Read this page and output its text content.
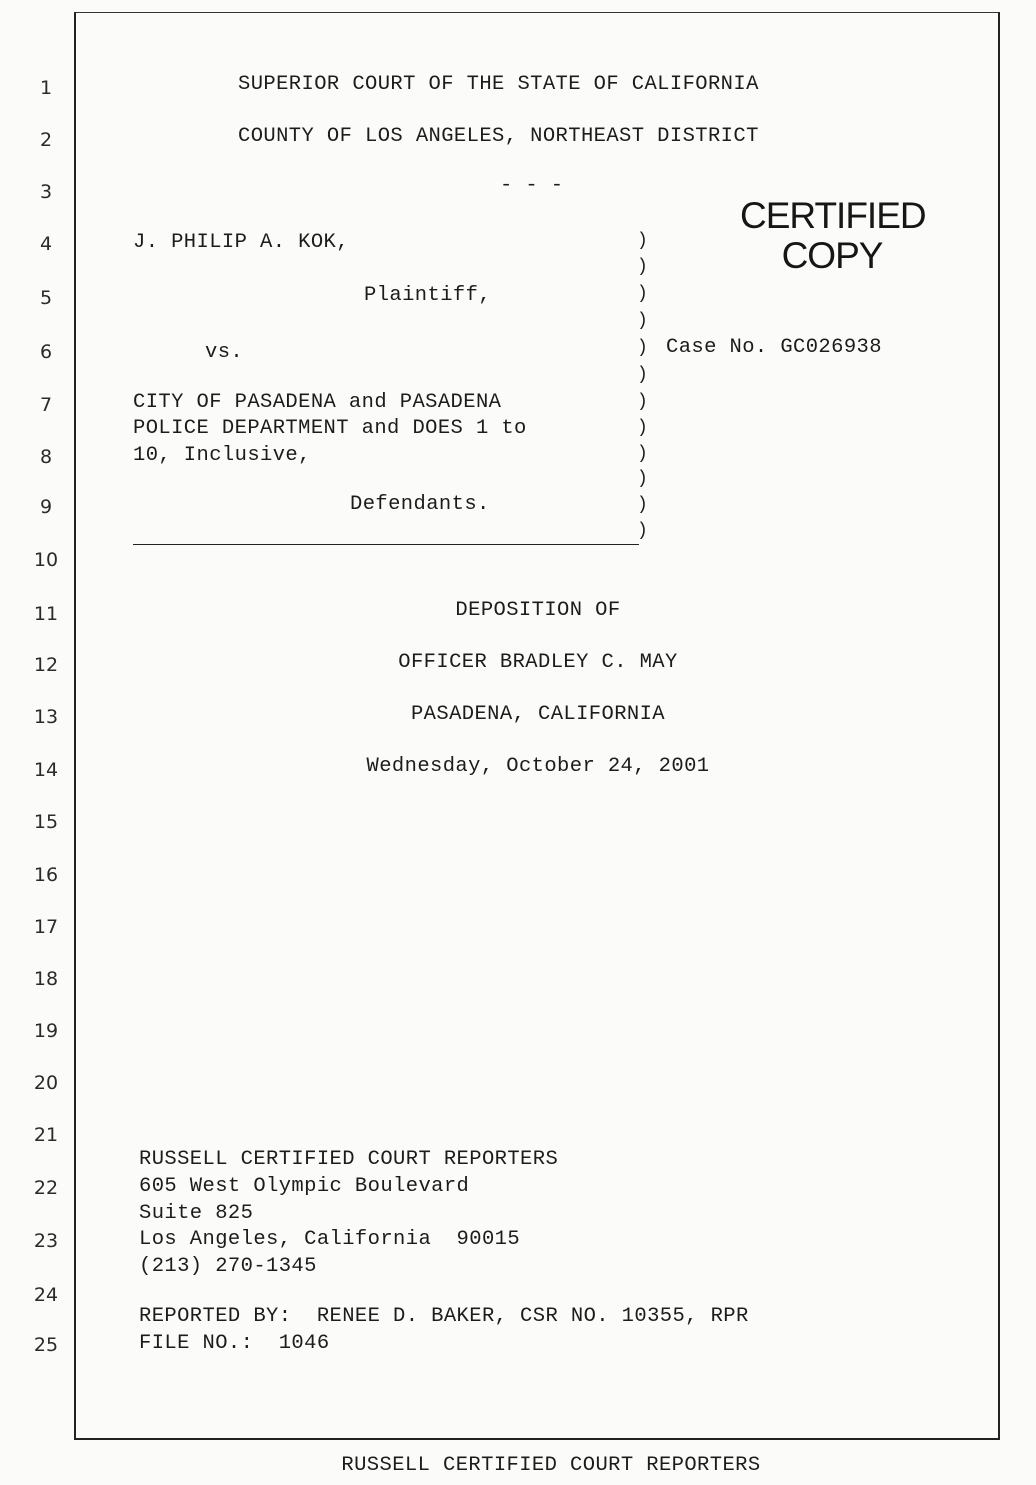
1
2
3
4
5
6
7
8
9
10
11
12
13
14
15
16
17
18
19
20
21
22
23
24
25
SUPERIOR COURT OF THE STATE OF CALIFORNIA
COUNTY OF LOS ANGELES, NORTHEAST DISTRICT
- - -
CERTIFIED
COPY
J. PHILIP A. KOK,
Plaintiff,
vs.
CITY OF PASADENA and PASADENA
POLICE DEPARTMENT and DOES 1 to
10, Inclusive,
Defendants.
)
)
)
)
)
)
)
)
)
)
)
)
Case No. GC026938
DEPOSITION OF
OFFICER BRADLEY C. MAY
PASADENA, CALIFORNIA
Wednesday, October 24, 2001
RUSSELL CERTIFIED COURT REPORTERS
605 West Olympic Boulevard
Suite 825
Los Angeles, California  90015
(213) 270-1345
REPORTED BY:  RENEE D. BAKER, CSR NO. 10355, RPR
FILE NO.:  1046
RUSSELL CERTIFIED COURT REPORTERS
